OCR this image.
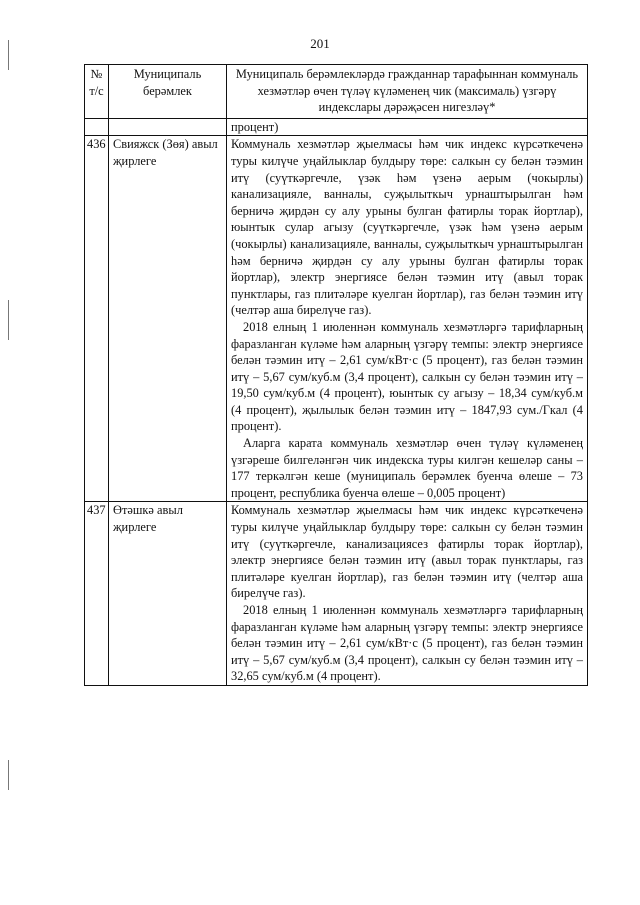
201
№ т/с	Муниципаль берәмлек	Муниципаль берәмлекләрдә гражданнар тарафыннан коммуналь хезмәтләр өчен түләү күләменең чик (максималь) үзгәрү индекслары дәрәҗәсен нигезләү*
		процент)
436	Свияжск (Зөя) авыл җирлеге	Коммуналь хезмәтләр җыелмасы һәм чик индекс күрсәткеченә туры килүче уңайлыклар булдыру төре: салкын су белән тәэмин итү (суүткәргечле, үзәк һәм үзенә аерым (чокырлы) канализацияле, ванналы, суҗылыткыч урнаштырылган һәм берничә җирдән су алу урыны булган фатирлы торак йортлар), юынтык сулар агызу (суүткәргечле, үзәк һәм үзенә аерым (чокырлы) канализацияле, ванналы, суҗылыткыч урнаштырылган һәм берничә җирдән су алу урыны булган фатирлы торак йортлар), электр энергиясе белән тәэмин итү (авыл торак пунктлары, газ плитәләре куелган йортлар), газ белән тәэмин итү (челтәр аша бирелүче газ).

2018 елның 1 июленнән коммуналь хезмәтләргә тарифларның фаразланган күләме һәм аларның үзгәрү темпы: электр энергиясе белән тәэмин итү – 2,61 сум/кВт·с (5 процент), газ белән тәэмин итү – 5,67 сум/куб.м (3,4 процент), салкын су белән тәэмин итү – 19,50 сум/куб.м (4 процент), юынтык су агызу – 18,34 сум/куб.м (4 процент), җылылык белән тәэмин итү – 1847,93 сум./Гкал (4 процент).

Аларга карата коммуналь хезмәтләр өчен түләү күләменең үзгәреше билгеләнгән чик индекска туры килгән кешеләр саны – 177 теркәлгән кеше (муниципаль берәмлек буенча өлеше – 73 процент, республика буенча өлеше – 0,005 процент)

437	Өтәшкә авыл җирлеге	Коммуналь хезмәтләр җыелмасы һәм чик индекс күрсәткеченә туры килүче уңайлыклар булдыру төре: салкын су белән тәэмин итү (суүткәргечле, канализациясез фатирлы торак йортлар), электр энергиясе белән тәэмин итү (авыл торак пунктлары, газ плитәләре куелган йортлар), газ белән тәэмин итү (челтәр аша бирелүче газ).

2018 елның 1 июленнән коммуналь хезмәтләргә тарифларның фаразланган күләме һәм аларның үзгәрү темпы: электр энергиясе белән тәэмин итү – 2,61 сум/кВт·с (5 процент), газ белән тәэмин итү – 5,67 сум/куб.м (3,4 процент), салкын су белән тәэмин итү – 32,65 сум/куб.м (4 процент).
